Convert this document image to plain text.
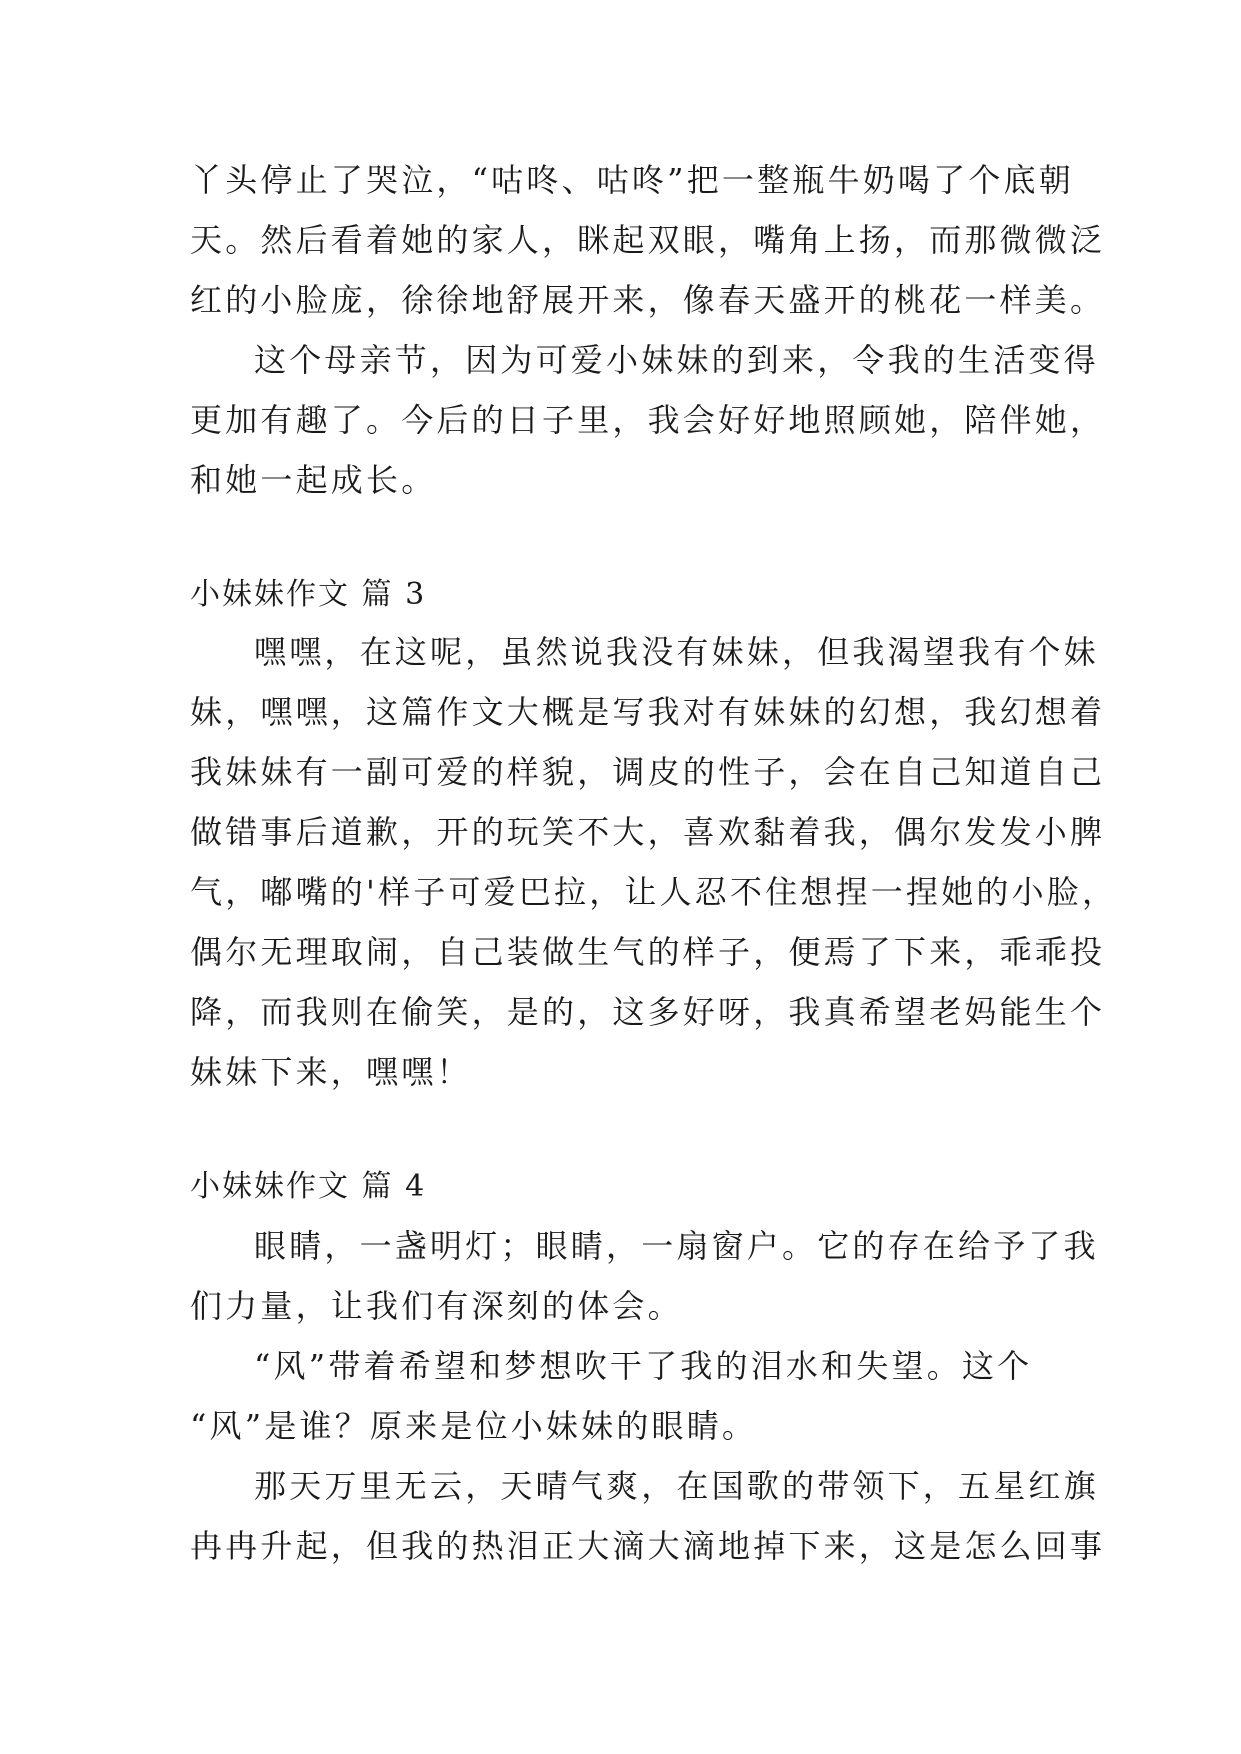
丫头停止了哭泣，“咕咚、咕咚”把一整瓶牛奶喝了个底朝
天。然后看着她的家人，眯起双眼，嘴角上扬，而那微微泛
红的小脸庞，徐徐地舒展开来，像春天盛开的桃花一样美。
这个母亲节，因为可爱小妹妹的到来，令我的生活变得
更加有趣了。今后的日子里，我会好好地照顾她，陪伴她，
和她一起成长。
小妹妹作文 篇 3
嘿嘿，在这呢，虽然说我没有妹妹，但我渴望我有个妹
妹，嘿嘿，这篇作文大概是写我对有妹妹的幻想，我幻想着
我妹妹有一副可爱的样貌，调皮的性子，会在自己知道自己
做错事后道歉，开的玩笑不大，喜欢黏着我，偶尔发发小脾
气，嘟嘴的'样子可爱巴拉，让人忍不住想捏一捏她的小脸，
偶尔无理取闹，自己装做生气的样子，便焉了下来，乖乖投
降，而我则在偷笑，是的，这多好呀，我真希望老妈能生个
妹妹下来，嘿嘿！
小妹妹作文 篇 4
眼睛，一盏明灯；眼睛，一扇窗户。它的存在给予了我
们力量，让我们有深刻的体会。
“风”带着希望和梦想吹干了我的泪水和失望。这个
“风”是谁？原来是位小妹妹的眼睛。
那天万里无云，天晴气爽，在国歌的带领下，五星红旗
冉冉升起，但我的热泪正大滴大滴地掉下来，这是怎么回事
